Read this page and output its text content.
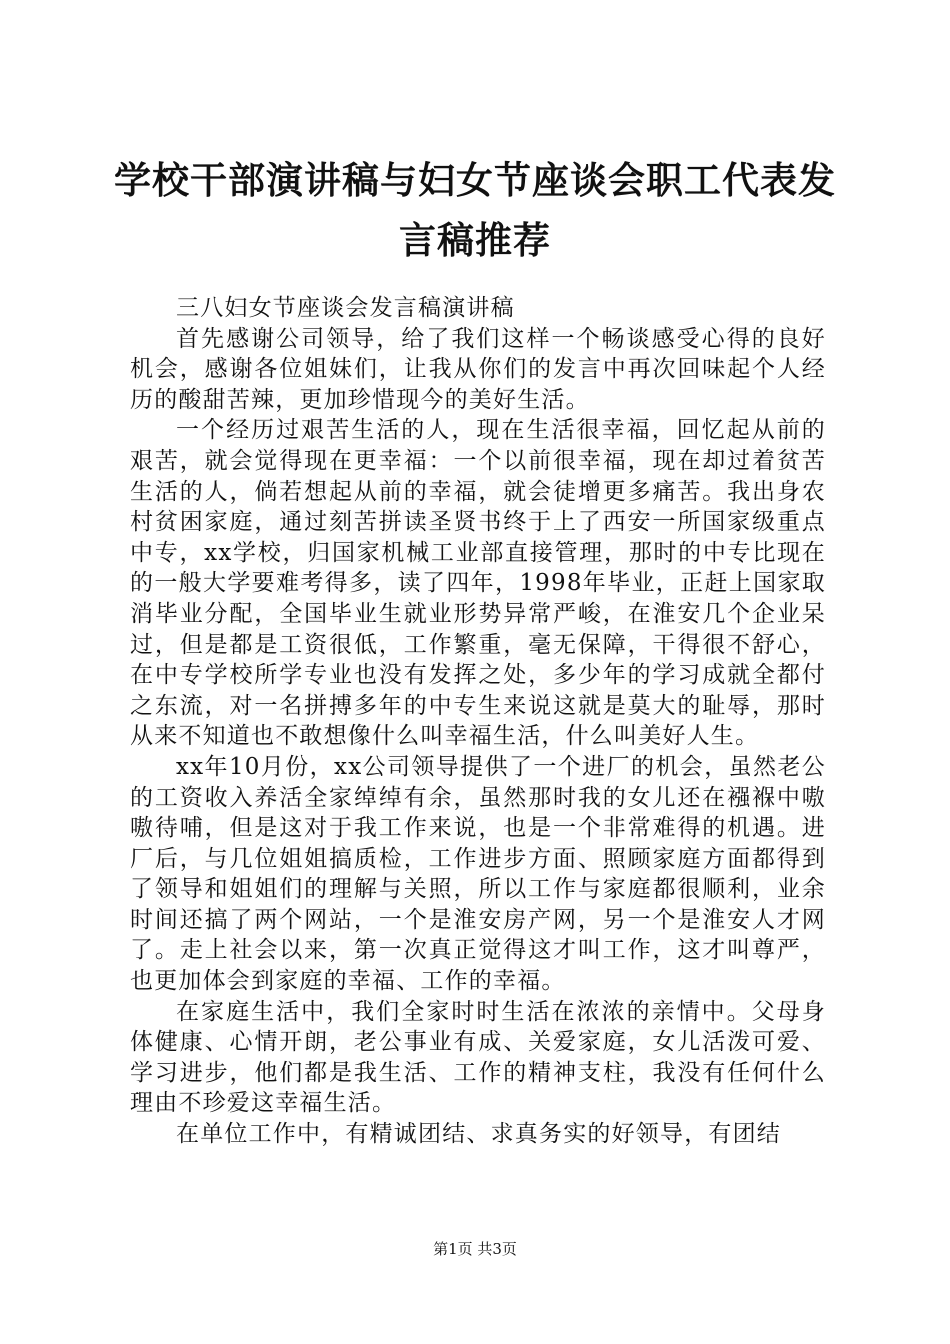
学校干部演讲稿与妇女节座谈会职工代表发言稿推荐

三八妇女节座谈会发言稿演讲稿

首先感谢公司领导，给了我们这样一个畅谈感受心得的良好机会，感谢各位姐妹们，让我从你们的发言中再次回味起个人经历的酸甜苦辣，更加珍惜现今的美好生活。

一个经历过艰苦生活的人，现在生活很幸福，回忆起从前的艰苦，就会觉得现在更幸福：一个以前很幸福，现在却过着贫苦生活的人，倘若想起从前的幸福，就会徒增更多痛苦。我出身农村贫困家庭，通过刻苦拼读圣贤书终于上了西安一所国家级重点中专，xx学校，归国家机械工业部直接管理，那时的中专比现在的一般大学要难考得多，读了四年，1998年毕业，正赶上国家取消毕业分配，全国毕业生就业形势异常严峻，在淮安几个企业呆过，但是都是工资很低，工作繁重，毫无保障，干得很不舒心，在中专学校所学专业也没有发挥之处，多少年的学习成就全都付之东流，对一名拼搏多年的中专生来说这就是莫大的耻辱，那时从来不知道也不敢想像什么叫幸福生活，什么叫美好人生。

xx年10月份，xx公司领导提供了一个进厂的机会，虽然老公的工资收入养活全家绰绰有余，虽然那时我的女儿还在襁褓中嗷嗷待哺，但是这对于我工作来说，也是一个非常难得的机遇。进厂后，与几位姐姐搞质检，工作进步方面、照顾家庭方面都得到了领导和姐姐们的理解与关照，所以工作与家庭都很顺利，业余时间还搞了两个网站，一个是淮安房产网，另一个是淮安人才网了。走上社会以来，第一次真正觉得这才叫工作，这才叫尊严，也更加体会到家庭的幸福、工作的幸福。

在家庭生活中，我们全家时时生活在浓浓的亲情中。父母身体健康、心情开朗，老公事业有成、关爱家庭，女儿活泼可爱、学习进步，他们都是我生活、工作的精神支柱，我没有任何什么理由不珍爱这幸福生活。

在单位工作中，有精诚团结、求真务实的好领导，有团结

第1页 共3页
